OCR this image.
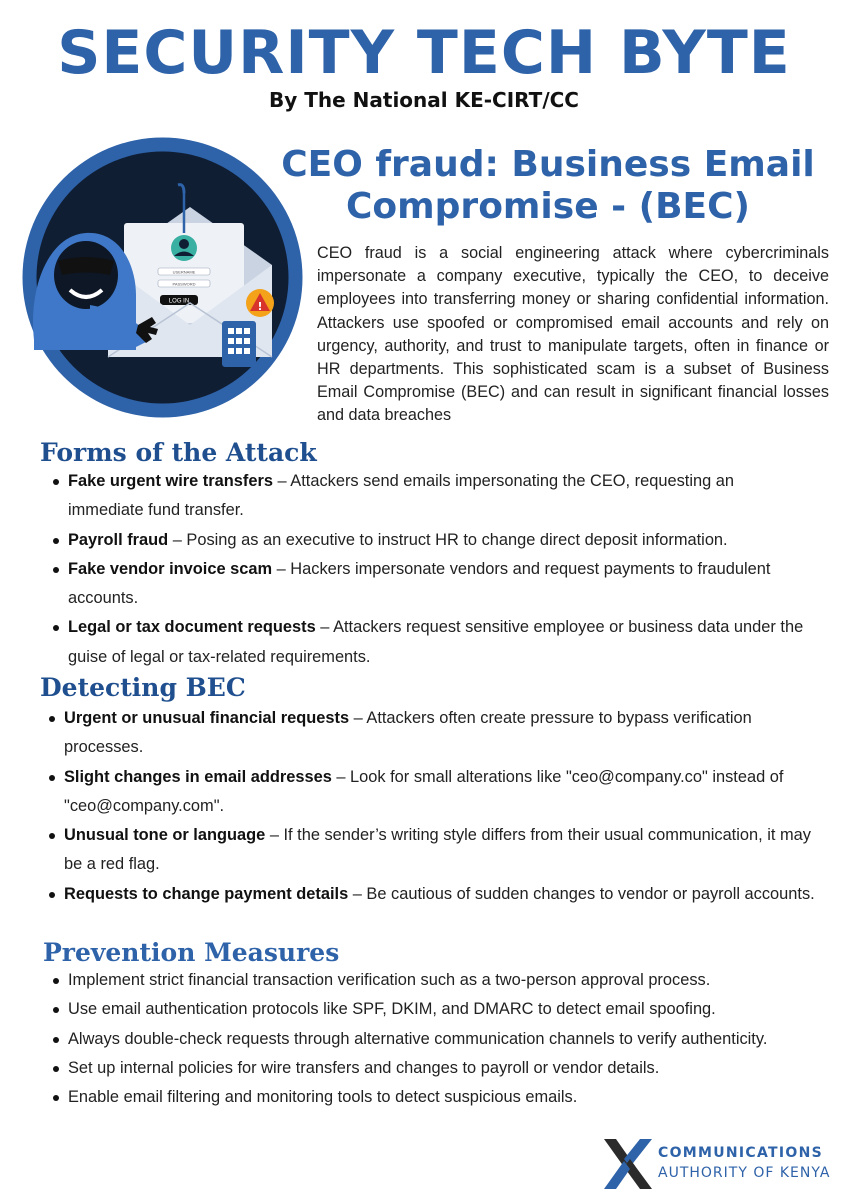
SECURITY TECH BYTE
By The National KE-CIRT/CC
USERNAME
PASSWORD
LOG IN	!
CEO fraud: Business Email
Compromise - (BEC)

CEO fraud is a social engineering attack where cybercriminals impersonate a company executive, typically the CEO, to deceive employees into transferring money or sharing confidential information. Attackers use spoofed or compromised email accounts and rely on urgency, authority, and trust to manipulate targets, often in finance or HR departments. This sophisticated scam is a subset of Business Email Compromise (BEC) and can result in significant financial losses and data breaches

Forms of the Attack
Fake urgent wire transfers – Attackers send emails impersonating the CEO, requesting an immediate fund transfer.
Payroll fraud – Posing as an executive to instruct HR to change direct deposit information.
Fake vendor invoice scam – Hackers impersonate vendors and request payments to fraudulent accounts.
Legal or tax document requests – Attackers request sensitive employee or business data under the guise of legal or tax-related requirements.
Detecting BEC
Urgent or unusual financial requests – Attackers often create pressure to bypass verification processes.
Slight changes in email addresses – Look for small alterations like "ceo@company.co" instead of "ceo@company.com".
Unusual tone or language – If the sender’s writing style differs from their usual communication, it may be a red flag.
Requests to change payment details – Be cautious of sudden changes to vendor or payroll accounts.
Prevention Measures
Implement strict financial transaction verification such as a two-person approval process.
Use email authentication protocols like SPF, DKIM, and DMARC to detect email spoofing.
Always double-check requests through alternative communication channels to verify authenticity.
Set up internal policies for wire transfers and changes to payroll or vendor details.
Enable email filtering and monitoring tools to detect suspicious emails.
COMMUNICATIONS
AUTHORITY OF KENYA
